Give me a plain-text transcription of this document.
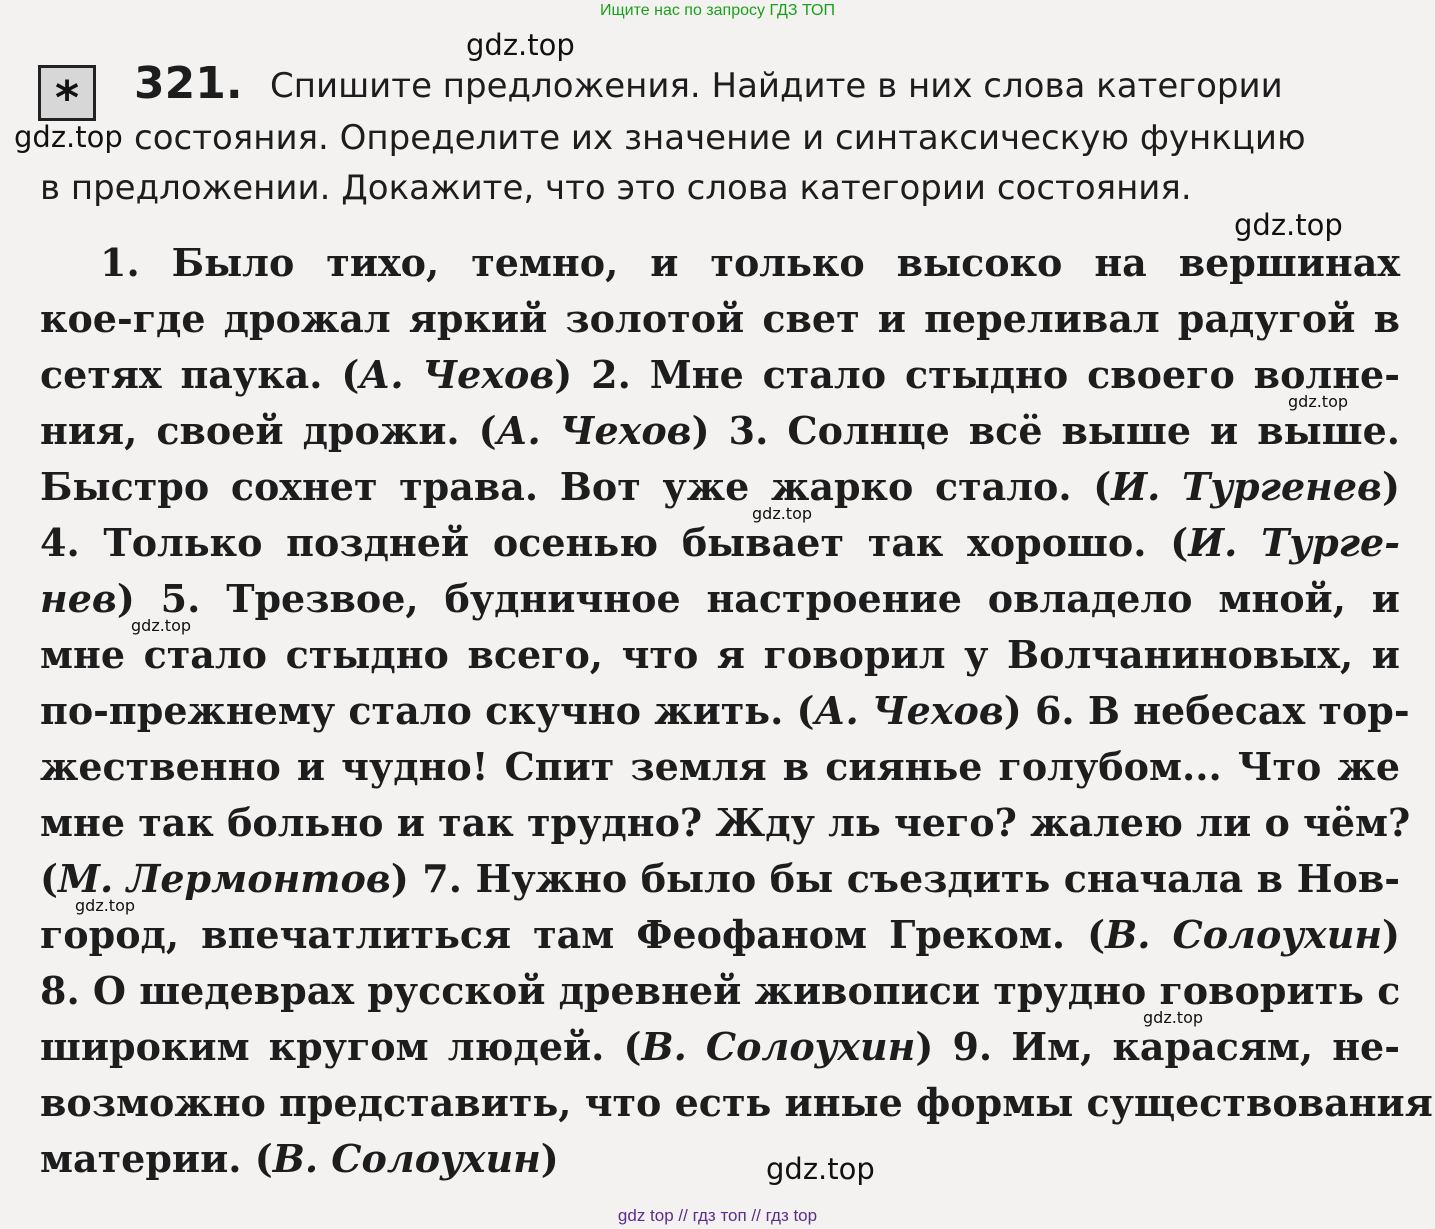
Ищите нас по запросу ГДЗ ТОП
*	321. Спишите предложения. Найдите в них слова категории
состояния. Определите их значение и синтаксическую функцию
в предложении. Докажите, что это слова категории состояния.
1. Было тихо, темно, и только высоко на вершинах
кое-где дрожал яркий золотой свет и переливал радугой в
сетях паука. (А. Чехов) 2. Мне стало стыдно своего волне-
ния, своей дрожи. (А. Чехов) 3. Солнце всё выше и выше.
Быстро сохнет трава. Вот уже жарко стало. (И. Тургенев)
4. Только поздней осенью бывает так хорошо. (И. Турге-
нев) 5. Трезвое, будничное настроение овладело мной, и
мне стало стыдно всего, что я говорил у Волчаниновых, и
по-прежнему стало скучно жить. (А. Чехов) 6. В небесах тор-
жественно и чудно! Спит земля в сиянье голубом... Что же
мне так больно и так трудно? Жду ль чего? жалею ли о чём?
(М. Лермонтов) 7. Нужно было бы съездить сначала в Нов-
город, впечатлиться там Феофаном Греком. (В. Солоухин)
8. О шедеврах русской древней живописи трудно говорить с
широким кругом людей. (В. Солоухин) 9. Им, карасям, не-
возможно представить, что есть иные формы существования
материи. (В. Солоухин)
gdz.top
gdz.top
gdz.top
gdz.top
gdz.top
gdz.top
gdz.top
gdz.top
gdz.top
gdz top // гдз топ // гдз top
